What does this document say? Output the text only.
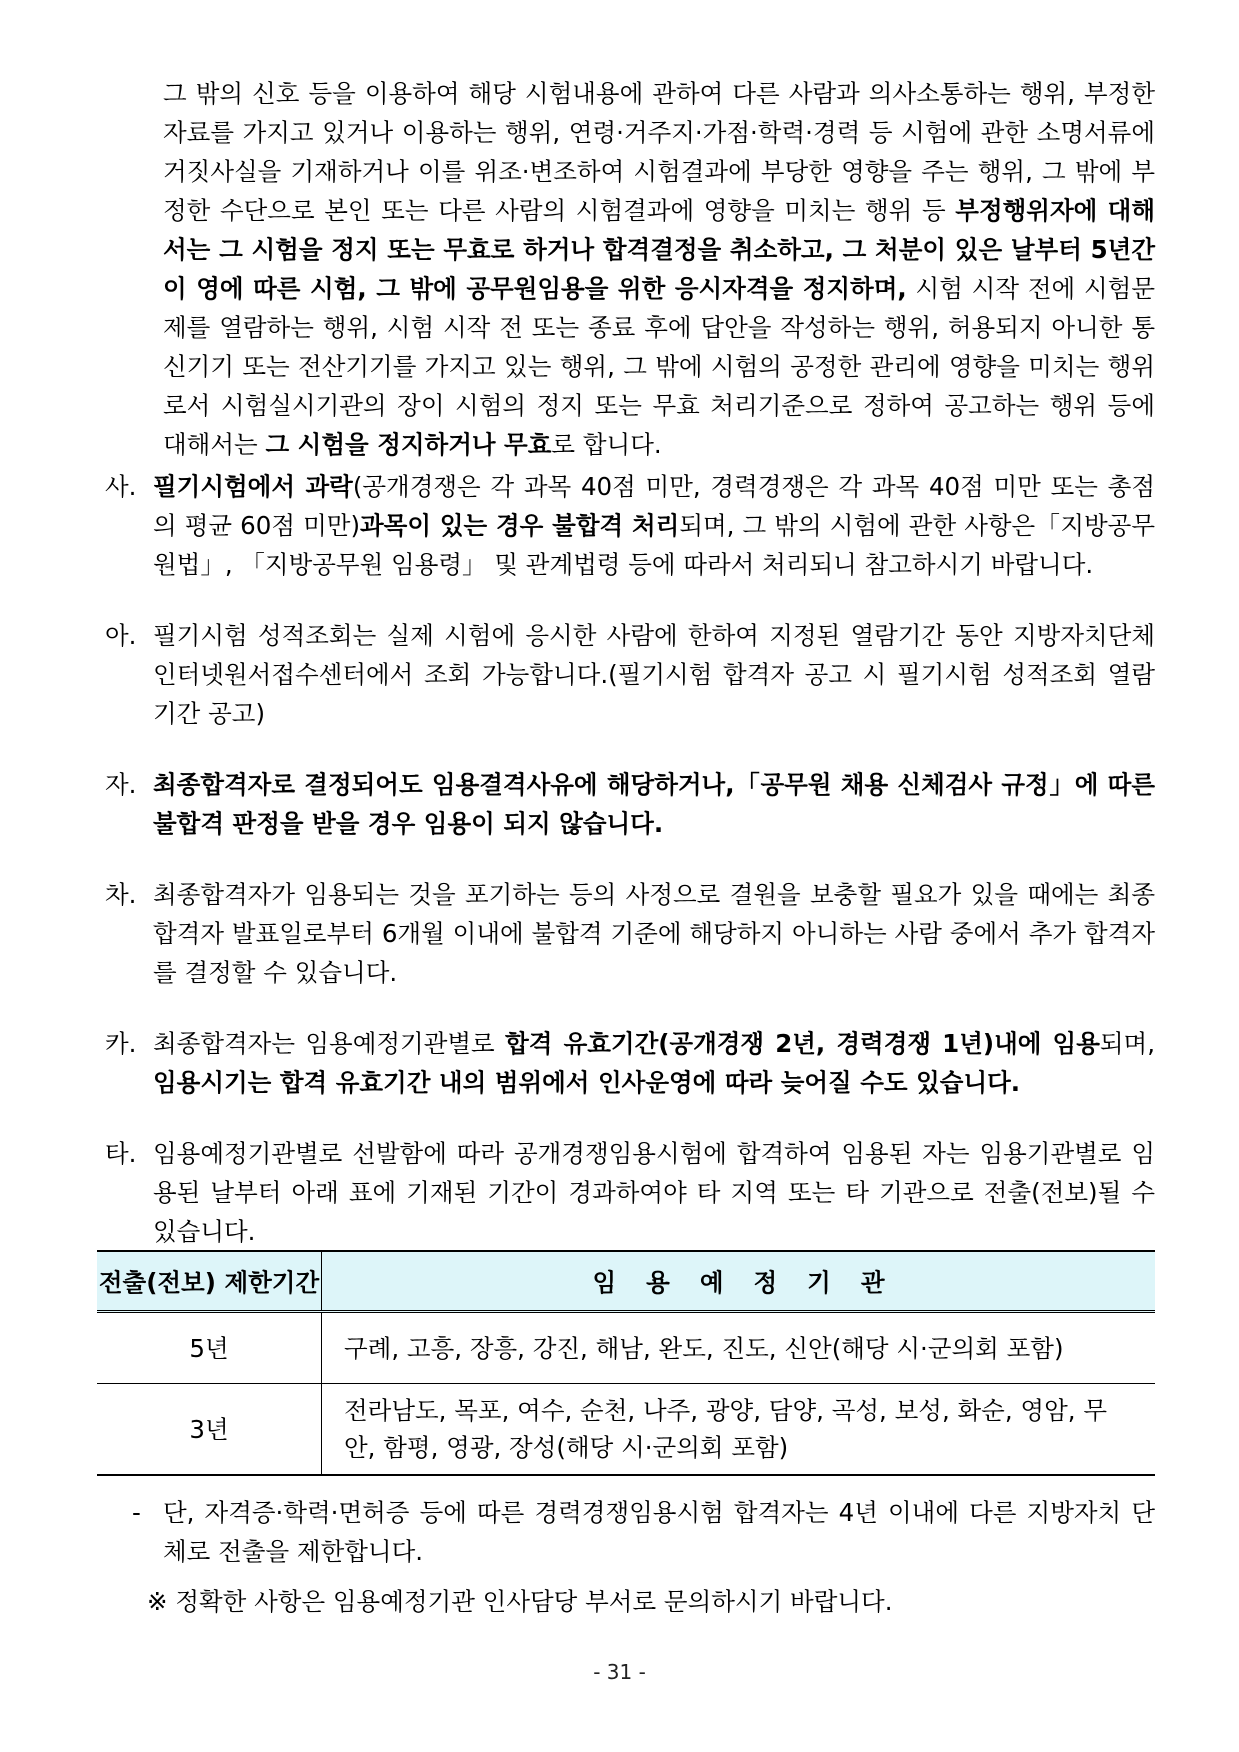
그 밖의 신호 등을 이용하여 해당 시험내용에 관하여 다른 사람과 의사소통하는 행위, 부정한 자료를 가지고 있거나 이용하는 행위, 연령·거주지·가점·학력·경력 등 시험에 관한 소명서류에 거짓사실을 기재하거나 이를 위조·변조하여 시험결과에 부당한 영향을 주는 행위, 그 밖에 부정한 수단으로 본인 또는 다른 사람의 시험결과에 영향을 미치는 행위 등 부정행위자에 대해서는 그 시험을 정지 또는 무효로 하거나 합격결정을 취소하고, 그 처분이 있은 날부터 5년간 이 영에 따른 시험, 그 밖에 공무원임용을 위한 응시자격을 정지하며, 시험 시작 전에 시험문제를 열람하는 행위, 시험 시작 전 또는 종료 후에 답안을 작성하는 행위, 허용되지 아니한 통신기기 또는 전산기기를 가지고 있는 행위, 그 밖에 시험의 공정한 관리에 영향을 미치는 행위로서 시험실시기관의 장이 시험의 정지 또는 무효 처리기준으로 정하여 공고하는 행위 등에 대해서는 그 시험을 정지하거나 무효로 합니다.
사. 필기시험에서 과락(공개경쟁은 각 과목 40점 미만, 경력경쟁은 각 과목 40점 미만 또는 총점의 평균 60점 미만)과목이 있는 경우 불합격 처리되며, 그 밖의 시험에 관한 사항은「지방공무원법」, 「지방공무원 임용령」 및 관계법령 등에 따라서 처리되니 참고하시기 바랍니다.
아. 필기시험 성적조회는 실제 시험에 응시한 사람에 한하여 지정된 열람기간 동안 지방자치단체 인터넷원서접수센터에서 조회 가능합니다.(필기시험 합격자 공고 시 필기시험 성적조회 열람 기간 공고)
자. 최종합격자로 결정되어도 임용결격사유에 해당하거나,「공무원 채용 신체검사 규정」에 따른 불합격 판정을 받을 경우 임용이 되지 않습니다.
차. 최종합격자가 임용되는 것을 포기하는 등의 사정으로 결원을 보충할 필요가 있을 때에는 최종합격자 발표일로부터 6개월 이내에 불합격 기준에 해당하지 아니하는 사람 중에서 추가 합격자를 결정할 수 있습니다.
카. 최종합격자는 임용예정기관별로 합격 유효기간(공개경쟁 2년, 경력경쟁 1년)내에 임용되며, 임용시기는 합격 유효기간 내의 범위에서 인사운영에 따라 늦어질 수도 있습니다.
타. 임용예정기관별로 선발함에 따라 공개경쟁임용시험에 합격하여 임용된 자는 임용기관별로 임용된 날부터 아래 표에 기재된 기간이 경과하여야 타 지역 또는 타 기관으로 전출(전보)될 수 있습니다.
전출(전보) 제한기간	임용예정기관
5년	구례, 고흥, 장흥, 강진, 해남, 완도, 진도, 신안(해당 시·군의회 포함)
3년	전라남도, 목포, 여수, 순천, 나주, 광양, 담양, 곡성, 보성, 화순, 영암, 무안, 함평, 영광, 장성(해당 시·군의회 포함)
- 단, 자격증·학력·면허증 등에 따른 경력경쟁임용시험 합격자는 4년 이내에 다른 지방자치 단체로 전출을 제한합니다.
※ 정확한 사항은 임용예정기관 인사담당 부서로 문의하시기 바랍니다.
- 31 -
